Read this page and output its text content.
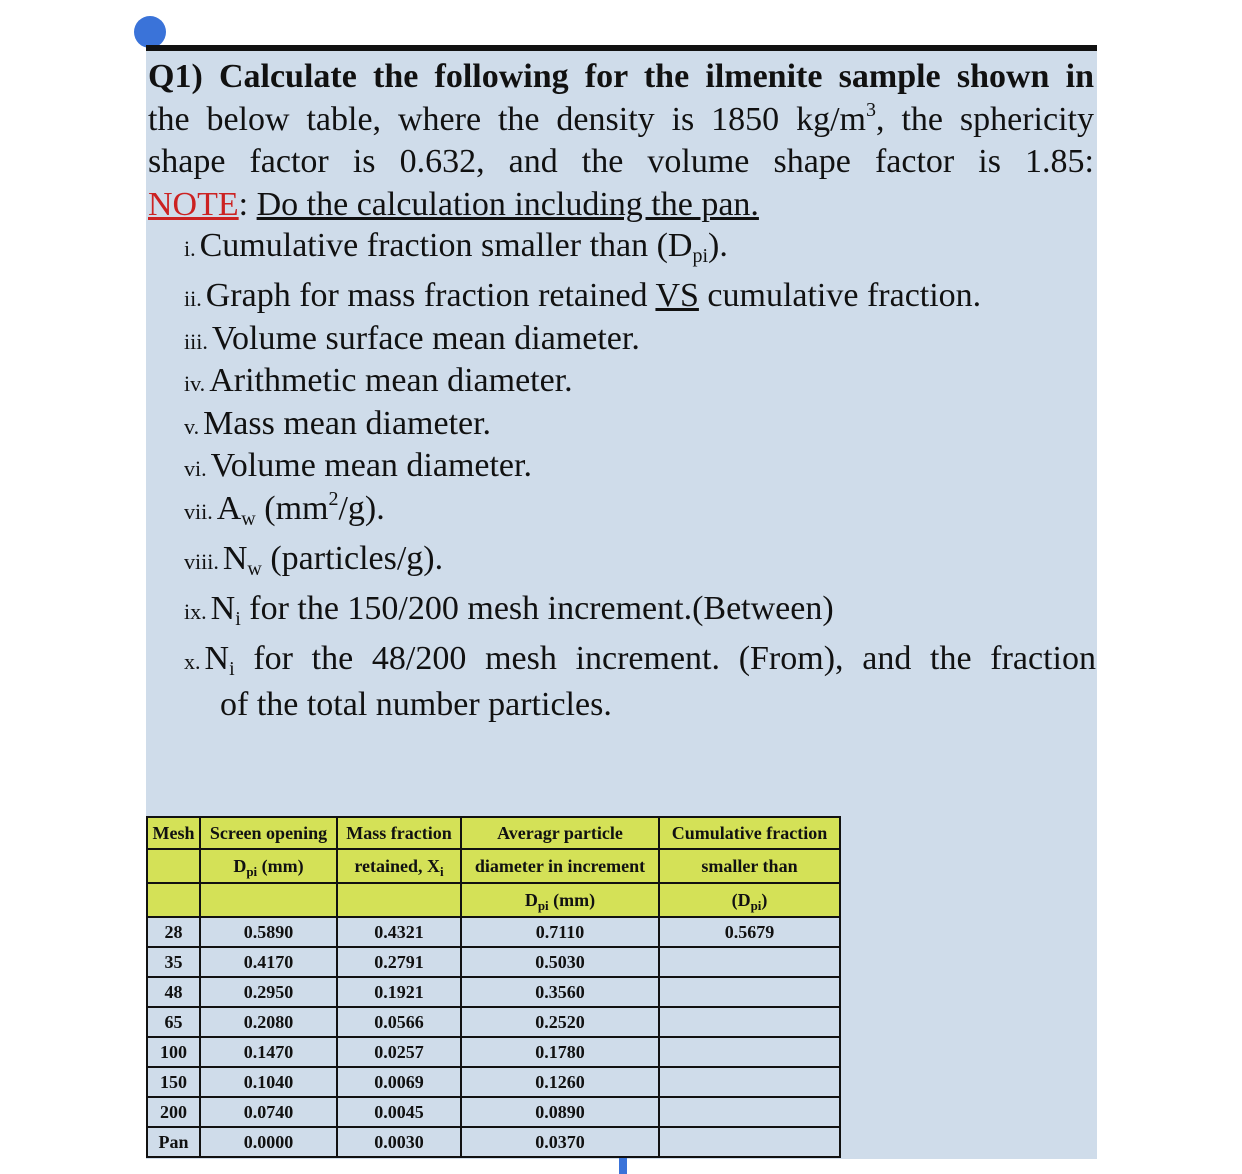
Q1) Calculate the following for the ilmenite sample shown in
the below table, where the density is 1850 $kg/m^3$, the sphericity
shape factor is 0.632, and the volume shape factor is 1.85:
NOTE: Do the calculation including the pan.
i. Cumulative fraction smaller than $(D_{pi})$.
ii. Graph for mass fraction retained VS cumulative fraction.
iii. Volume surface mean diameter.
iv. Arithmetic mean diameter.
v. Mass mean diameter.
vi. Volume mean diameter.
vii. $A_w$ $(mm^2/g)$.
viii. $N_w$ (particles/g).
ix. $N_i$ for the 150/200 mesh increment.(Between)
x. $N_i$ for the 48/200 mesh increment. (From), and the fraction
of the total number particles.
Mesh	Screen opening	Mass fraction	Averagr particle	Cumulative fraction
	$D_{pi}$ (mm)	retained, $X_i$	diameter in increment	smaller than
			$D_{pi}$ (mm)	$(D_{pi})$
28	0.5890	0.4321	0.7110	0.5679
35	0.4170	0.2791	0.5030	
48	0.2950	0.1921	0.3560	
65	0.2080	0.0566	0.2520	
100	0.1470	0.0257	0.1780	
150	0.1040	0.0069	0.1260	
200	0.0740	0.0045	0.0890	
Pan	0.0000	0.0030	0.0370	
